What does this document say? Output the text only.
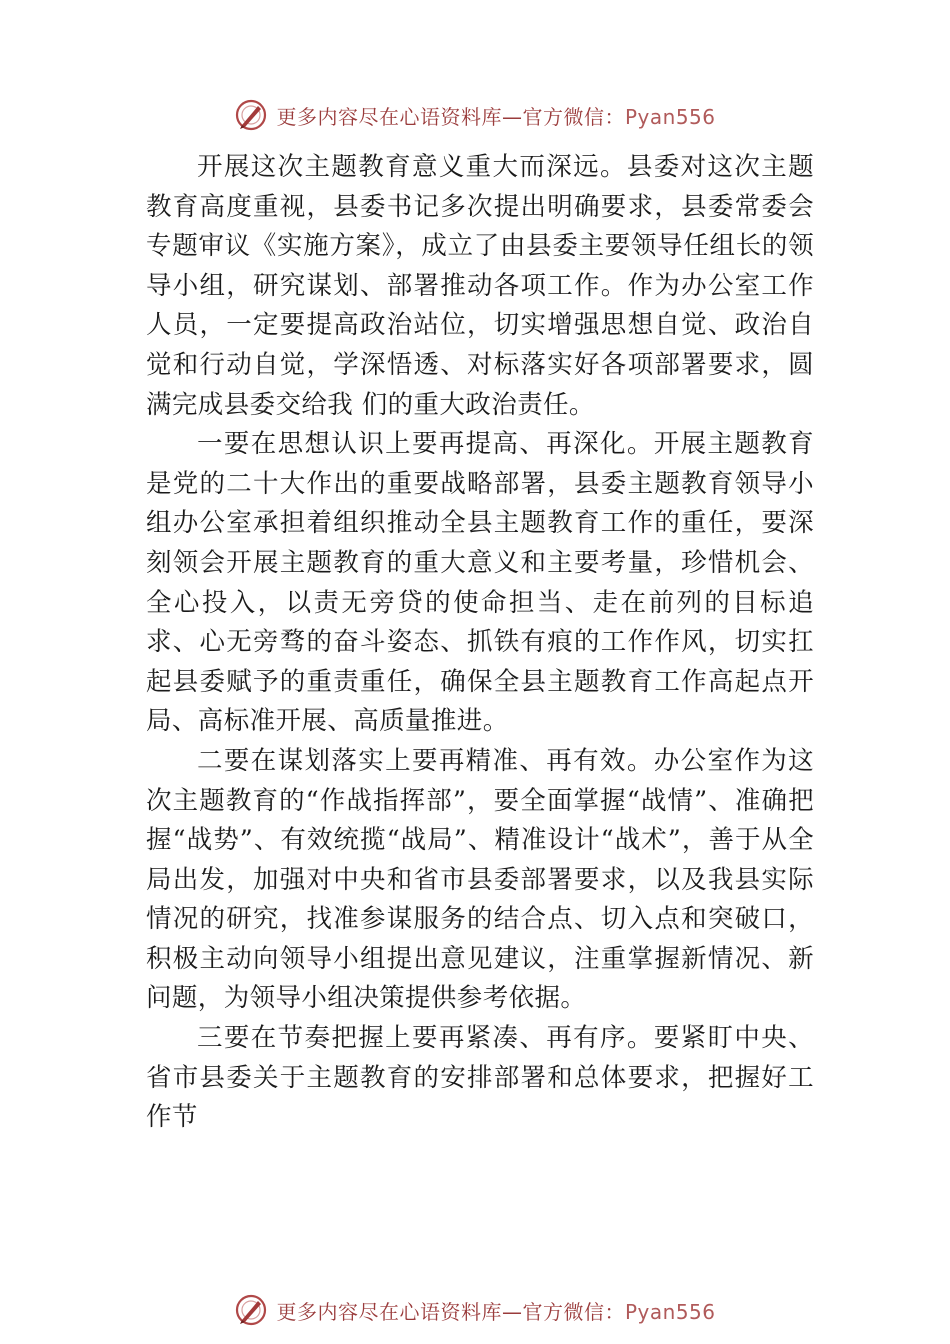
更多内容尽在心语资料库—官方微信：Pyan556

开展这次主题教育意义重大而深远。县委对这次主题教育高度重视，县委书记多次提出明确要求，县委常委会专题审议《实施方案》，成立了由县委主要领导任组长的领导小组，研究谋划、部署推动各项工作。作为办公室工作人员，一定要提高政治站位，切实增强思想自觉、政治自觉和行动自觉，学深悟透、对标落实好各项部署要求，圆满完成县委交给我 们的重大政治责任。

一要在思想认识上要再提高、再深化。开展主题教育是党的二十大作出的重要战略部署，县委主题教育领导小组办公室承担着组织推动全县主题教育工作的重任，要深刻领会开展主题教育的重大意义和主要考量，珍惜机会、全心投入，以责无旁贷的使命担当、走在前列的目标追求、心无旁骛的奋斗姿态、抓铁有痕的工作作风，切实扛起县委赋予的重责重任，确保全县主题教育工作高起点开局、高标准开展、高质量推进。

二要在谋划落实上要再精准、再有效。办公室作为这次主题教育的“作战指挥部”，要全面掌握“战情”、准确把握“战势”、有效统揽“战局”、精准设计“战术”，善于从全局出发，加强对中央和省市县委部署要求，以及我县实际情况的研究，找准参谋服务的结合点、切入点和突破口，积极主动向领导小组提出意见建议，注重掌握新情况、新问题，为领导小组决策提供参考依据。

三要在节奏把握上要再紧凑、再有序。要紧盯中央、省市县委关于主题教育的安排部署和总体要求，把握好工作节

更多内容尽在心语资料库—官方微信：Pyan556
